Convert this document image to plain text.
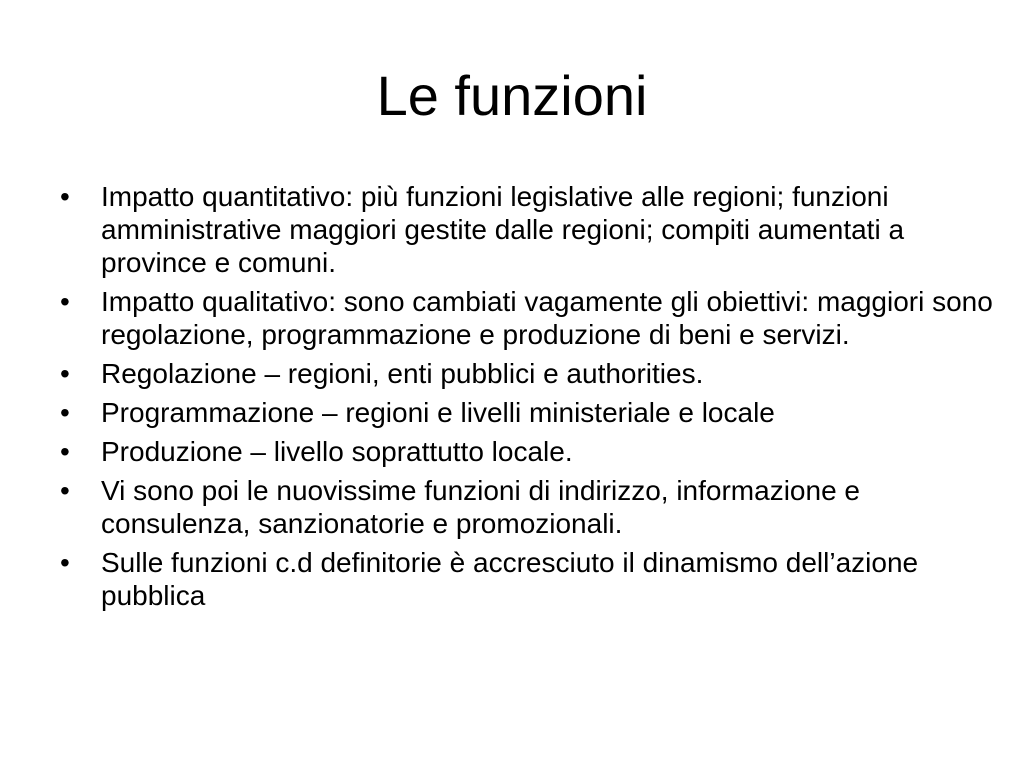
Le funzioni
•	Impatto quantitativo: più funzioni legislative alle regioni; funzioni amministrative maggiori gestite dalle regioni; compiti aumentati a province e comuni.
•	Impatto qualitativo: sono cambiati vagamente gli obiettivi: maggiori sono regolazione, programmazione e produzione di beni e servizi.
•	Regolazione – regioni, enti pubblici e authorities.
•	Programmazione – regioni e livelli ministeriale e locale
•	Produzione – livello soprattutto locale.
•	Vi sono poi le nuovissime funzioni di indirizzo, informazione e consulenza, sanzionatorie e promozionali.
•	Sulle funzioni c.d definitorie è accresciuto il dinamismo dell’azione pubblica
